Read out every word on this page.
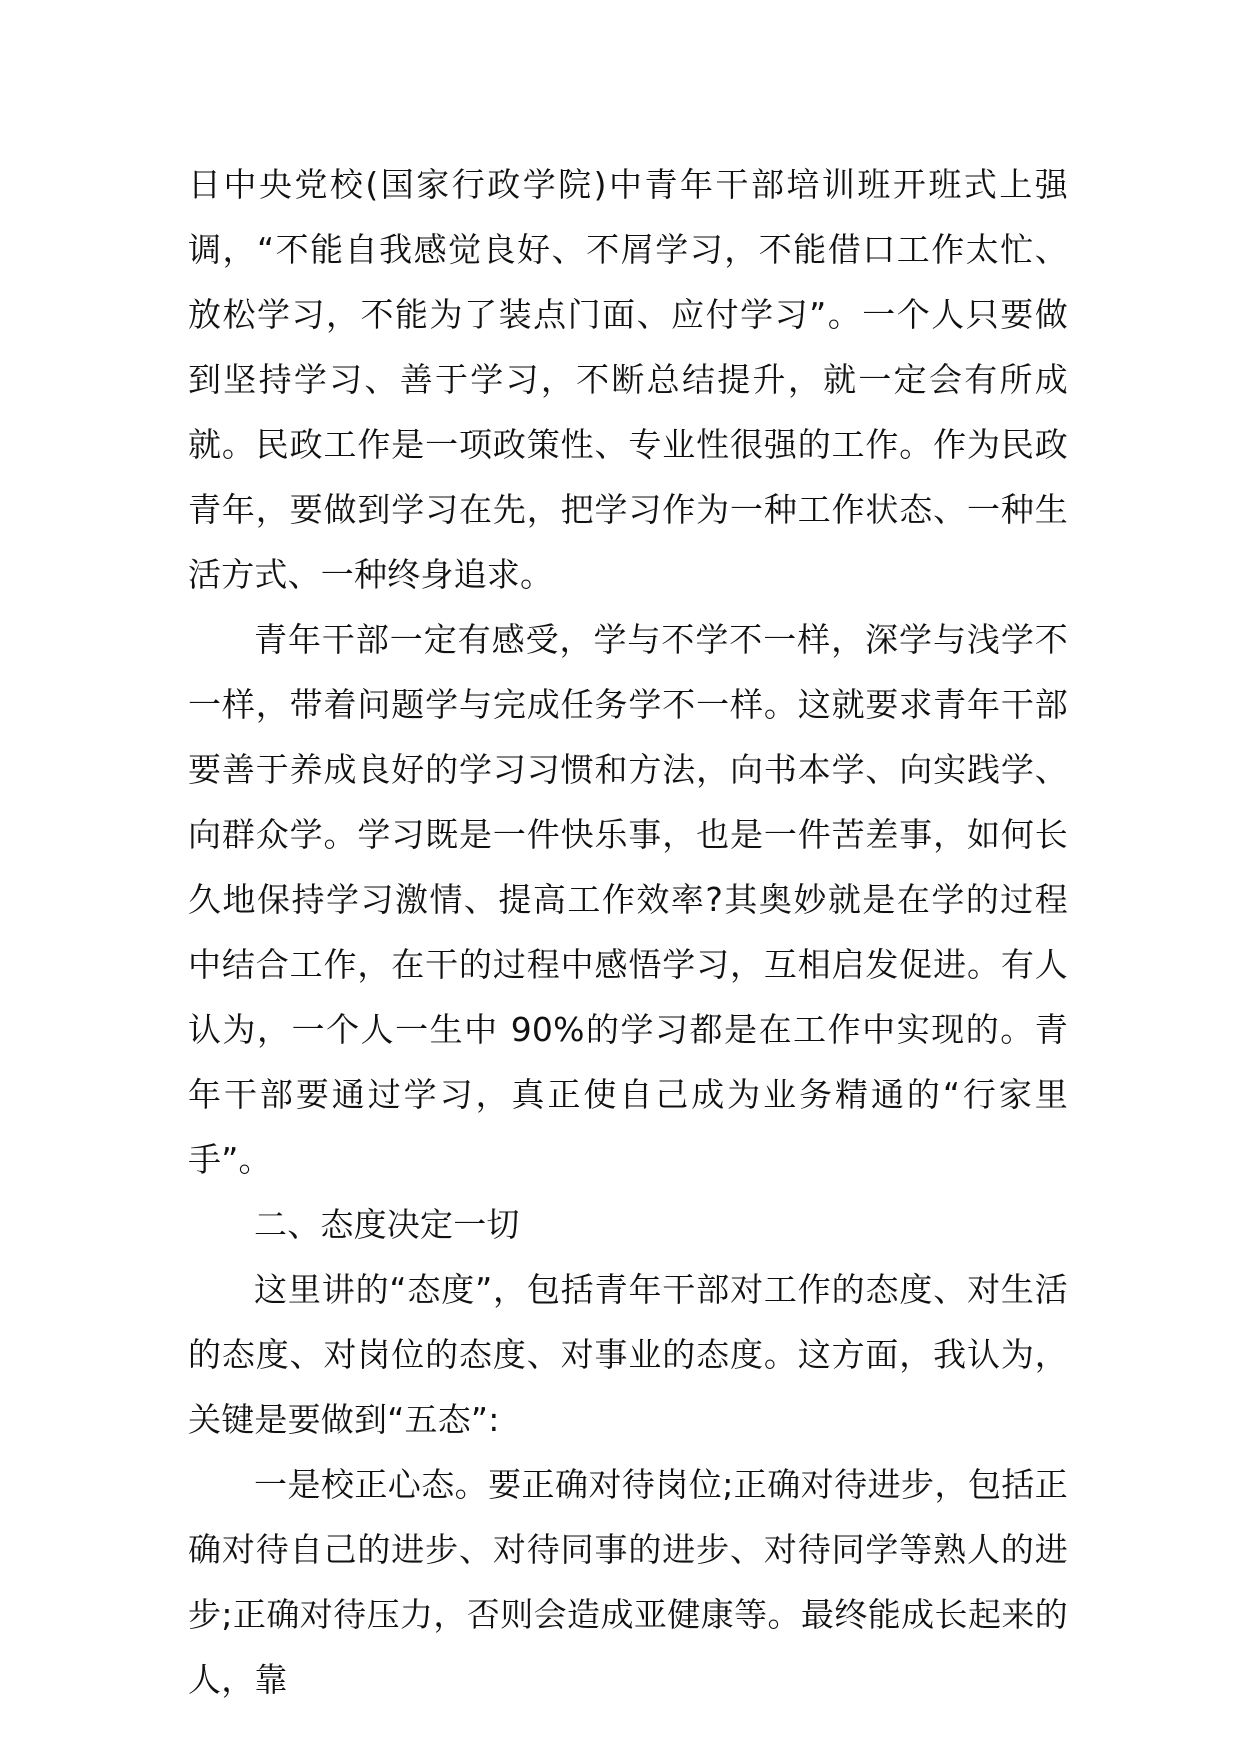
日中央党校(国家行政学院)中青年干部培训班开班式上强调，“不能自我感觉良好、不屑学习，不能借口工作太忙、放松学习，不能为了装点门面、应付学习”。一个人只要做到坚持学习、善于学习，不断总结提升，就一定会有所成就。民政工作是一项政策性、专业性很强的工作。作为民政青年，要做到学习在先，把学习作为一种工作状态、一种生活方式、一种终身追求。

青年干部一定有感受，学与不学不一样，深学与浅学不一样，带着问题学与完成任务学不一样。这就要求青年干部要善于养成良好的学习习惯和方法，向书本学、向实践学、向群众学。学习既是一件快乐事，也是一件苦差事，如何长久地保持学习激情、提高工作效率?其奥妙就是在学的过程中结合工作，在干的过程中感悟学习，互相启发促进。有人认为，一个人一生中 90%的学习都是在工作中实现的。青年干部要通过学习，真正使自己成为业务精通的“行家里手”。

二、态度决定一切

这里讲的“态度”，包括青年干部对工作的态度、对生活的态度、对岗位的态度、对事业的态度。这方面，我认为，关键是要做到“五态”:

一是校正心态。要正确对待岗位;正确对待进步，包括正确对待自己的进步、对待同事的进步、对待同学等熟人的进步;正确对待压力，否则会造成亚健康等。最终能成长起来的人，靠
